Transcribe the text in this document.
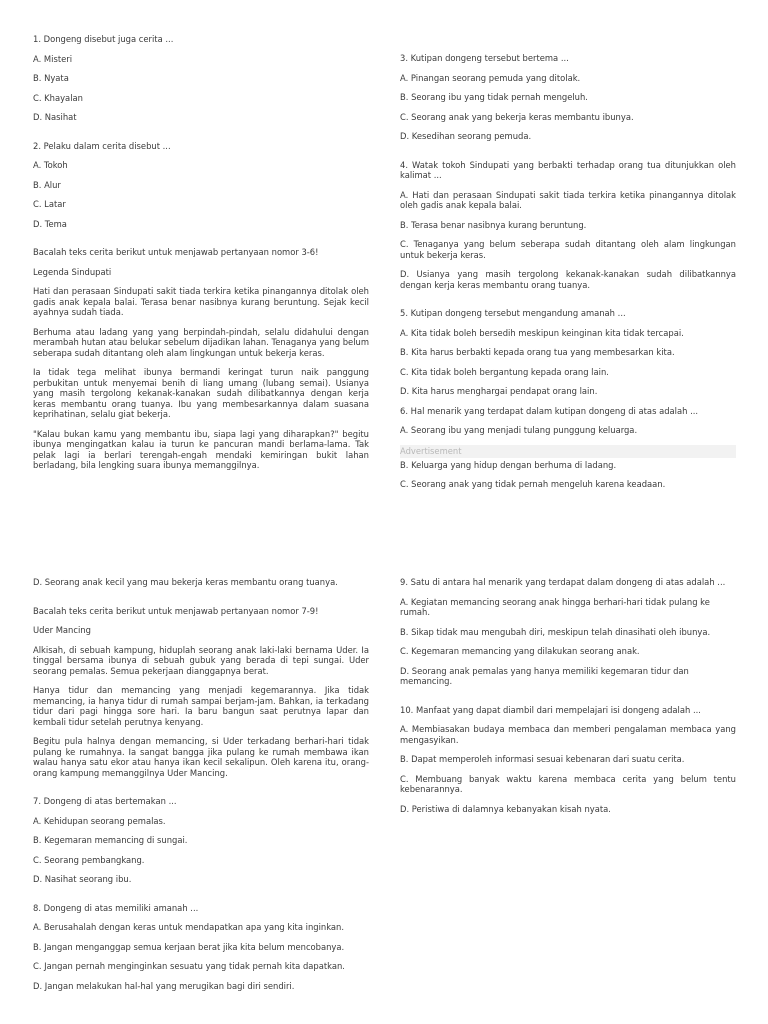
1. Dongeng disebut juga cerita ...
A. Misteri
B. Nyata
C. Khayalan
D. Nasihat
2. Pelaku dalam cerita disebut ...
A. Tokoh
B. Alur
C. Latar
D. Tema
Bacalah teks cerita berikut untuk menjawab pertanyaan nomor 3-6!
Legenda Sindupati
Hati dan perasaan Sindupati sakit tiada terkira ketika pinangannya ditolak oleh gadis anak kepala balai. Terasa benar nasibnya kurang beruntung. Sejak kecil ayahnya sudah tiada.
Berhuma atau ladang yang yang berpindah-pindah, selalu didahului dengan merambah hutan atau belukar sebelum dijadikan lahan. Tenaganya yang belum seberapa sudah ditantang oleh alam lingkungan untuk bekerja keras.
Ia tidak tega melihat ibunya bermandi keringat turun naik panggung perbukitan untuk menyemai benih di liang umang (lubang semai). Usianya yang masih tergolong kekanak-kanakan sudah dilibatkannya dengan kerja keras membantu orang tuanya. Ibu yang membesarkannya dalam suasana keprihatinan, selalu giat bekerja.
"Kalau bukan kamu yang membantu ibu, siapa lagi yang diharapkan?" begitu ibunya mengingatkan kalau ia turun ke pancuran mandi berlama-lama. Tak pelak lagi ia berlari terengah-engah mendaki kemiringan bukit lahan berladang, bila lengking suara ibunya memanggilnya.
3. Kutipan dongeng tersebut bertema ...
A. Pinangan seorang pemuda yang ditolak.
B. Seorang ibu yang tidak pernah mengeluh.
C. Seorang anak yang bekerja keras membantu ibunya.
D. Kesedihan seorang pemuda.
4. Watak tokoh Sindupati yang berbakti terhadap orang tua ditunjukkan oleh kalimat ...
A. Hati dan perasaan Sindupati sakit tiada terkira ketika pinangannya ditolak oleh gadis anak kepala balai.
B. Terasa benar nasibnya kurang beruntung.
C. Tenaganya yang belum seberapa sudah ditantang oleh alam lingkungan untuk bekerja keras.
D. Usianya yang masih tergolong kekanak-kanakan sudah dilibatkannya dengan kerja keras membantu orang tuanya.
5. Kutipan dongeng tersebut mengandung amanah ...
A. Kita tidak boleh bersedih meskipun keinginan kita tidak tercapai.
B. Kita harus berbakti kepada orang tua yang membesarkan kita.
C. Kita tidak boleh bergantung kepada orang lain.
D. Kita harus menghargai pendapat orang lain.
6. Hal menarik yang terdapat dalam kutipan dongeng di atas adalah ...
A. Seorang ibu yang menjadi tulang punggung keluarga.
Advertisement
B. Keluarga yang hidup dengan berhuma di ladang.
C. Seorang anak yang tidak pernah mengeluh karena keadaan.
D. Seorang anak kecil yang mau bekerja keras membantu orang tuanya.
Bacalah teks cerita berikut untuk menjawab pertanyaan nomor 7-9!
Uder Mancing
Alkisah, di sebuah kampung, hiduplah seorang anak laki-laki bernama Uder. Ia tinggal bersama ibunya di sebuah gubuk yang berada di tepi sungai. Uder seorang pemalas. Semua pekerjaan dianggapnya berat.
Hanya tidur dan memancing yang menjadi kegemarannya. Jika tidak memancing, ia hanya tidur di rumah sampai berjam-jam. Bahkan, ia terkadang tidur dari pagi hingga sore hari. Ia baru bangun saat perutnya lapar dan kembali tidur setelah perutnya kenyang.
Begitu pula halnya dengan memancing, si Uder terkadang berhari-hari tidak pulang ke rumahnya. Ia sangat bangga jika pulang ke rumah membawa ikan walau hanya satu ekor atau hanya ikan kecil sekalipun. Oleh karena itu, orang-orang kampung memanggilnya Uder Mancing.
7. Dongeng di atas bertemakan ...
A. Kehidupan seorang pemalas.
B. Kegemaran memancing di sungai.
C. Seorang pembangkang.
D. Nasihat seorang ibu.
8. Dongeng di atas memiliki amanah ...
A. Berusahalah dengan keras untuk mendapatkan apa yang kita inginkan.
B. Jangan menganggap semua kerjaan berat jika kita belum mencobanya.
C. Jangan pernah menginginkan sesuatu yang tidak pernah kita dapatkan.
D. Jangan melakukan hal-hal yang merugikan bagi diri sendiri.
9. Satu di antara hal menarik yang terdapat dalam dongeng di atas adalah ...
A. Kegiatan memancing seorang anak hingga berhari-hari tidak pulang ke rumah.
B. Sikap tidak mau mengubah diri, meskipun telah dinasihati oleh ibunya.
C. Kegemaran memancing yang dilakukan seorang anak.
D. Seorang anak pemalas yang hanya memiliki kegemaran tidur dan memancing.
10. Manfaat yang dapat diambil dari mempelajari isi dongeng adalah ...
A. Membiasakan budaya membaca dan memberi pengalaman membaca yang mengasyikan.
B. Dapat memperoleh informasi sesuai kebenaran dari suatu cerita.
C. Membuang banyak waktu karena membaca cerita yang belum tentu kebenarannya.
D. Peristiwa di dalamnya kebanyakan kisah nyata.
